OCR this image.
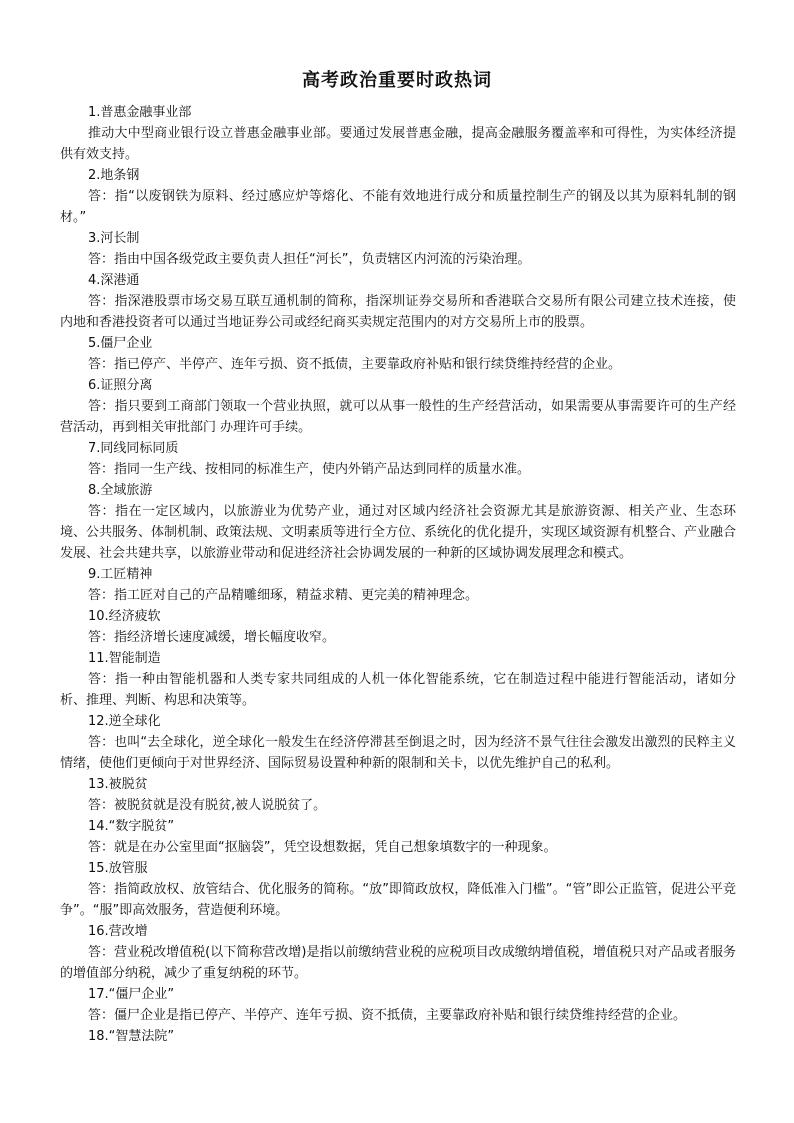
高考政治重要时政热词
1.普惠金融事业部
推动大中型商业银行设立普惠金融事业部。要通过发展普惠金融，提高金融服务覆盖率和可得性，为实体经济提供有效支持。
2.地条钢
答：指“以废钢铁为原料、经过感应炉等熔化、不能有效地进行成分和质量控制生产的钢及以其为原料轧制的钢材。”
3.河长制
答：指由中国各级党政主要负责人担任“河长”，负责辖区内河流的污染治理。
4.深港通
答：指深港股票市场交易互联互通机制的简称，指深圳证券交易所和香港联合交易所有限公司建立技术连接，使内地和香港投资者可以通过当地证券公司或经纪商买卖规定范围内的对方交易所上市的股票。
5.僵尸企业
答：指已停产、半停产、连年亏损、资不抵债，主要靠政府补贴和银行续贷维持经营的企业。
6.证照分离
答：指只要到工商部门领取一个营业执照，就可以从事一般性的生产经营活动，如果需要从事需要许可的生产经营活动，再到相关审批部门 办理许可手续。
7.同线同标同质
答：指同一生产线、按相同的标准生产，使内外销产品达到同样的质量水准。
8.全域旅游
答：指在一定区域内，以旅游业为优势产业，通过对区域内经济社会资源尤其是旅游资源、相关产业、生态环境、公共服务、体制机制、政策法规、文明素质等进行全方位、系统化的优化提升，实现区域资源有机整合、产业融合发展、社会共建共享，以旅游业带动和促进经济社会协调发展的一种新的区域协调发展理念和模式。
9.工匠精神
答：指工匠对自己的产品精雕细琢，精益求精、更完美的精神理念。
10.经济疲软
答：指经济增长速度减缓，增长幅度收窄。
11.智能制造
答：指一种由智能机器和人类专家共同组成的人机一体化智能系统，它在制造过程中能进行智能活动，诸如分析、推理、判断、构思和决策等。
12.逆全球化
答：也叫“去全球化，逆全球化一般发生在经济停滞甚至倒退之时，因为经济不景气往往会激发出激烈的民粹主义情绪，使他们更倾向于对世界经济、国际贸易设置种种新的限制和关卡，以优先维护自己的私利。
13.被脱贫
答：被脱贫就是没有脱贫,被人说脱贫了。
14.“数字脱贫”
答：就是在办公室里面“抠脑袋”，凭空设想数据，凭自己想象填数字的一种现象。
15.放管服
答：指简政放权、放管结合、优化服务的简称。“放”即简政放权，降低准入门槛”。“管”即公正监管，促进公平竞争”。“服”即高效服务，营造便利环境。
16.营改增
答：营业税改增值税(以下简称营改增)是指以前缴纳营业税的应税项目改成缴纳增值税，增值税只对产品或者服务的增值部分纳税，减少了重复纳税的环节。
17.“僵尸企业”
答：僵尸企业是指已停产、半停产、连年亏损、资不抵债，主要靠政府补贴和银行续贷维持经营的企业。
18.“智慧法院”
